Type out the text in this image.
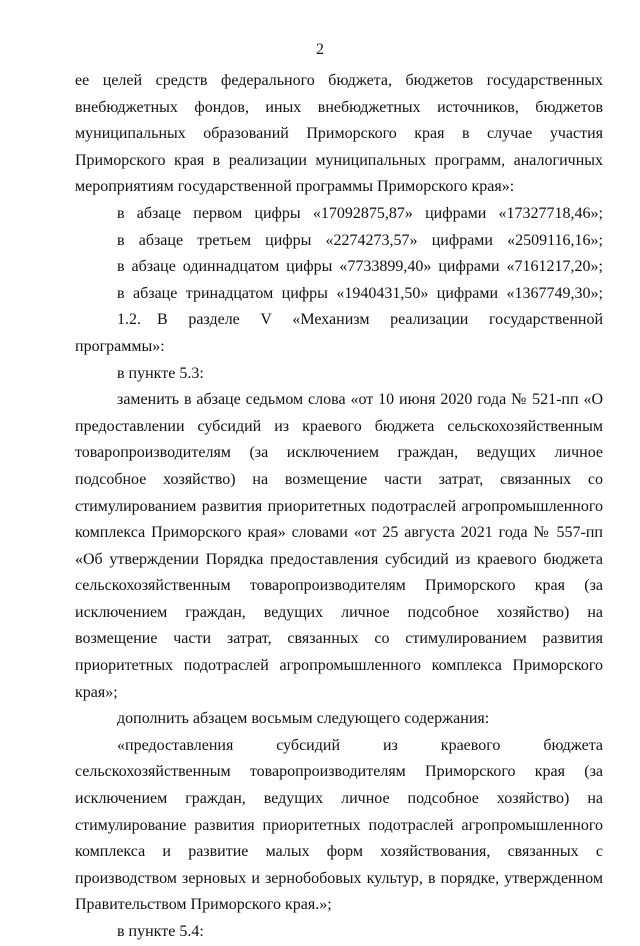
2

ее целей средств федерального бюджета, бюджетов государственных внебюджетных фондов, иных внебюджетных источников, бюджетов муниципальных образований Приморского края в случае участия Приморского края в реализации муниципальных программ, аналогичных мероприятиям государственной программы Приморского края»:

в абзаце первом цифры «17092875,87» цифрами «17327718,46»;

в абзаце третьем цифры «2274273,57» цифрами «2509116,16»;

в абзаце одиннадцатом цифры «7733899,40» цифрами «7161217,20»;

в абзаце тринадцатом цифры «1940431,50» цифрами «1367749,30»;

1.2. В разделе V «Механизм реализации государственной программы»:

в пункте 5.3:

заменить в абзаце седьмом слова «от 10 июня 2020 года № 521-пп «О предоставлении субсидий из краевого бюджета сельскохозяйственным товаропроизводителям (за исключением граждан, ведущих личное подсобное хозяйство) на возмещение части затрат, связанных со стимулированием развития приоритетных подотраслей агропромышленного комплекса Приморского края» словами «от 25 августа 2021 года № 557-пп «Об утверждении Порядка предоставления субсидий из краевого бюджета сельскохозяйственным товаропроизводителям Приморского края (за исключением граждан, ведущих личное подсобное хозяйство) на возмещение части затрат, связанных со стимулированием развития приоритетных подотраслей агропромышленного комплекса Приморского края»;

дополнить абзацем восьмым следующего содержания:

«предоставления субсидий из краевого бюджета сельскохозяйственным товаропроизводителям Приморского края (за исключением граждан, ведущих личное подсобное хозяйство) на стимулирование развития приоритетных подотраслей агропромышленного комплекса и развитие малых форм хозяйствования, связанных с производством зерновых и зернобобовых культур, в порядке, утвержденном Правительством Приморского края.»;

в пункте 5.4:
